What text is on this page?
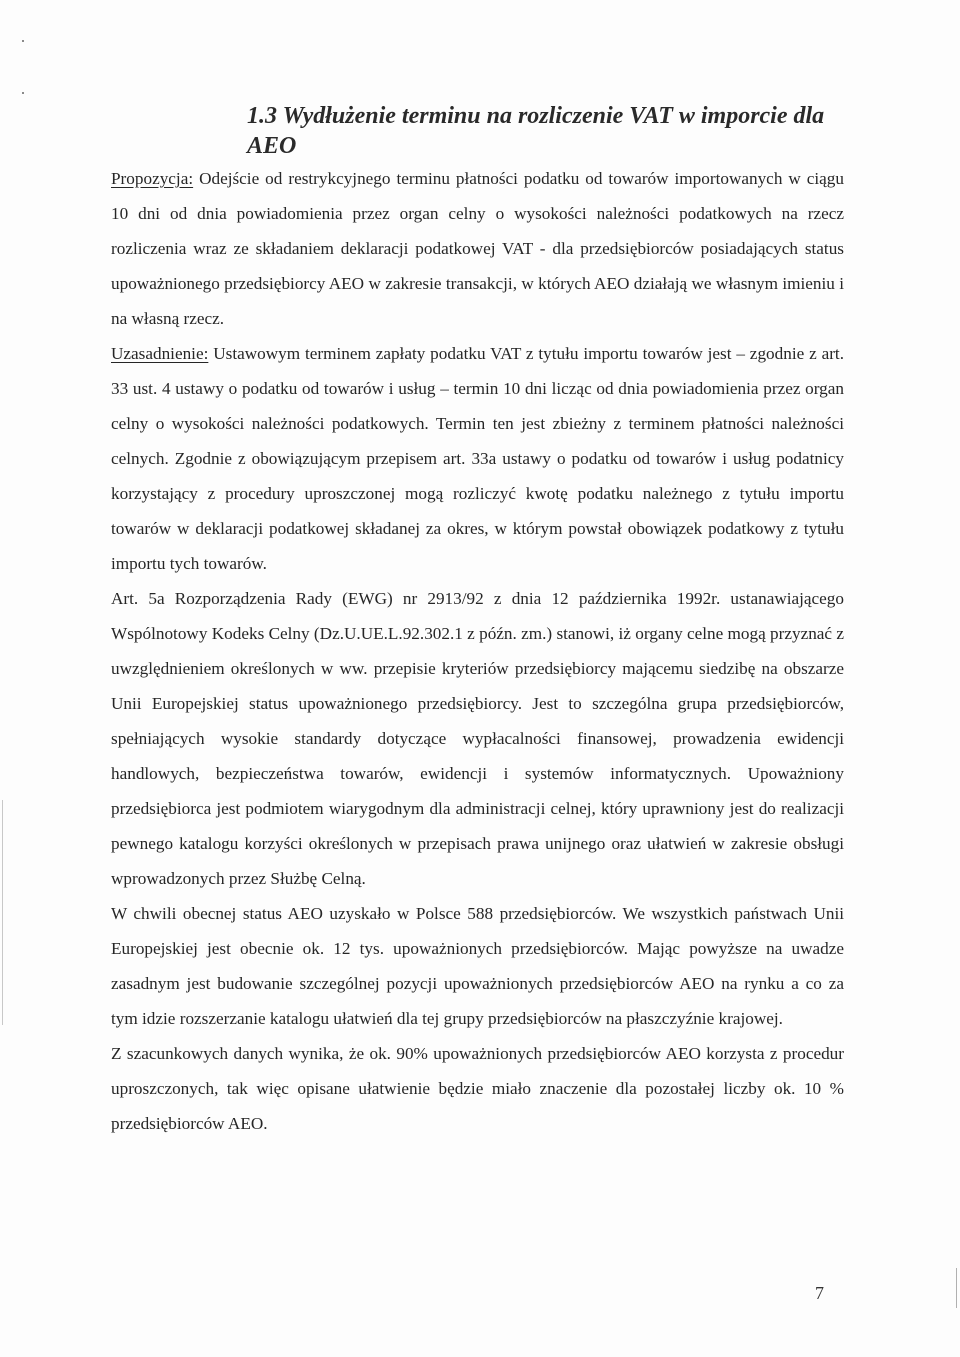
1.3 Wydłużenie terminu na rozliczenie VAT w imporcie dla AEO

Propozycja: Odejście od restrykcyjnego terminu płatności podatku od towarów importowanych w ciągu 10 dni od dnia powiadomienia przez organ celny o wysokości należności podatkowych na rzecz rozliczenia wraz ze składaniem deklaracji podatkowej VAT - dla przedsiębiorców posiadających status upoważnionego przedsiębiorcy AEO w zakresie transakcji, w których AEO działają we własnym imieniu i na własną rzecz.

Uzasadnienie: Ustawowym terminem zapłaty podatku VAT z tytułu importu towarów jest – zgodnie z art. 33 ust. 4 ustawy o podatku od towarów i usług – termin 10 dni licząc od dnia powiadomienia przez organ celny o wysokości należności podatkowych. Termin ten jest zbieżny z terminem płatności należności celnych. Zgodnie z obowiązującym przepisem art. 33a ustawy o podatku od towarów i usług podatnicy korzystający z procedury uproszczonej mogą rozliczyć kwotę podatku należnego z tytułu importu towarów w deklaracji podatkowej składanej za okres, w którym powstał obowiązek podatkowy z tytułu importu tych towarów.

Art. 5a Rozporządzenia Rady (EWG) nr 2913/92 z dnia 12 października 1992r. ustanawiającego Wspólnotowy Kodeks Celny (Dz.U.UE.L.92.302.1 z późn. zm.) stanowi, iż organy celne mogą przyznać z uwzględnieniem określonych w ww. przepisie kryteriów przedsiębiorcy mającemu siedzibę na obszarze Unii Europejskiej status upoważnionego przedsiębiorcy. Jest to szczególna grupa przedsiębiorców, spełniających wysokie standardy dotyczące wypłacalności finansowej, prowadzenia ewidencji handlowych, bezpieczeństwa towarów, ewidencji i systemów informatycznych. Upoważniony przedsiębiorca jest podmiotem wiarygodnym dla administracji celnej, który uprawniony jest do realizacji pewnego katalogu korzyści określonych w przepisach prawa unijnego oraz ułatwień w zakresie obsługi wprowadzonych przez Służbę Celną.

W chwili obecnej status AEO uzyskało w Polsce 588 przedsiębiorców. We wszystkich państwach Unii Europejskiej jest obecnie ok. 12 tys. upoważnionych przedsiębiorców. Mając powyższe na uwadze zasadnym jest budowanie szczególnej pozycji upoważnionych przedsiębiorców AEO na rynku a co za tym idzie rozszerzanie katalogu ułatwień dla tej grupy przedsiębiorców na płaszczyźnie krajowej.

Z szacunkowych danych wynika, że ok. 90% upoważnionych przedsiębiorców AEO korzysta z procedur uproszczonych, tak więc opisane ułatwienie będzie miało znaczenie dla pozostałej liczby ok. 10 % przedsiębiorców AEO.

7
